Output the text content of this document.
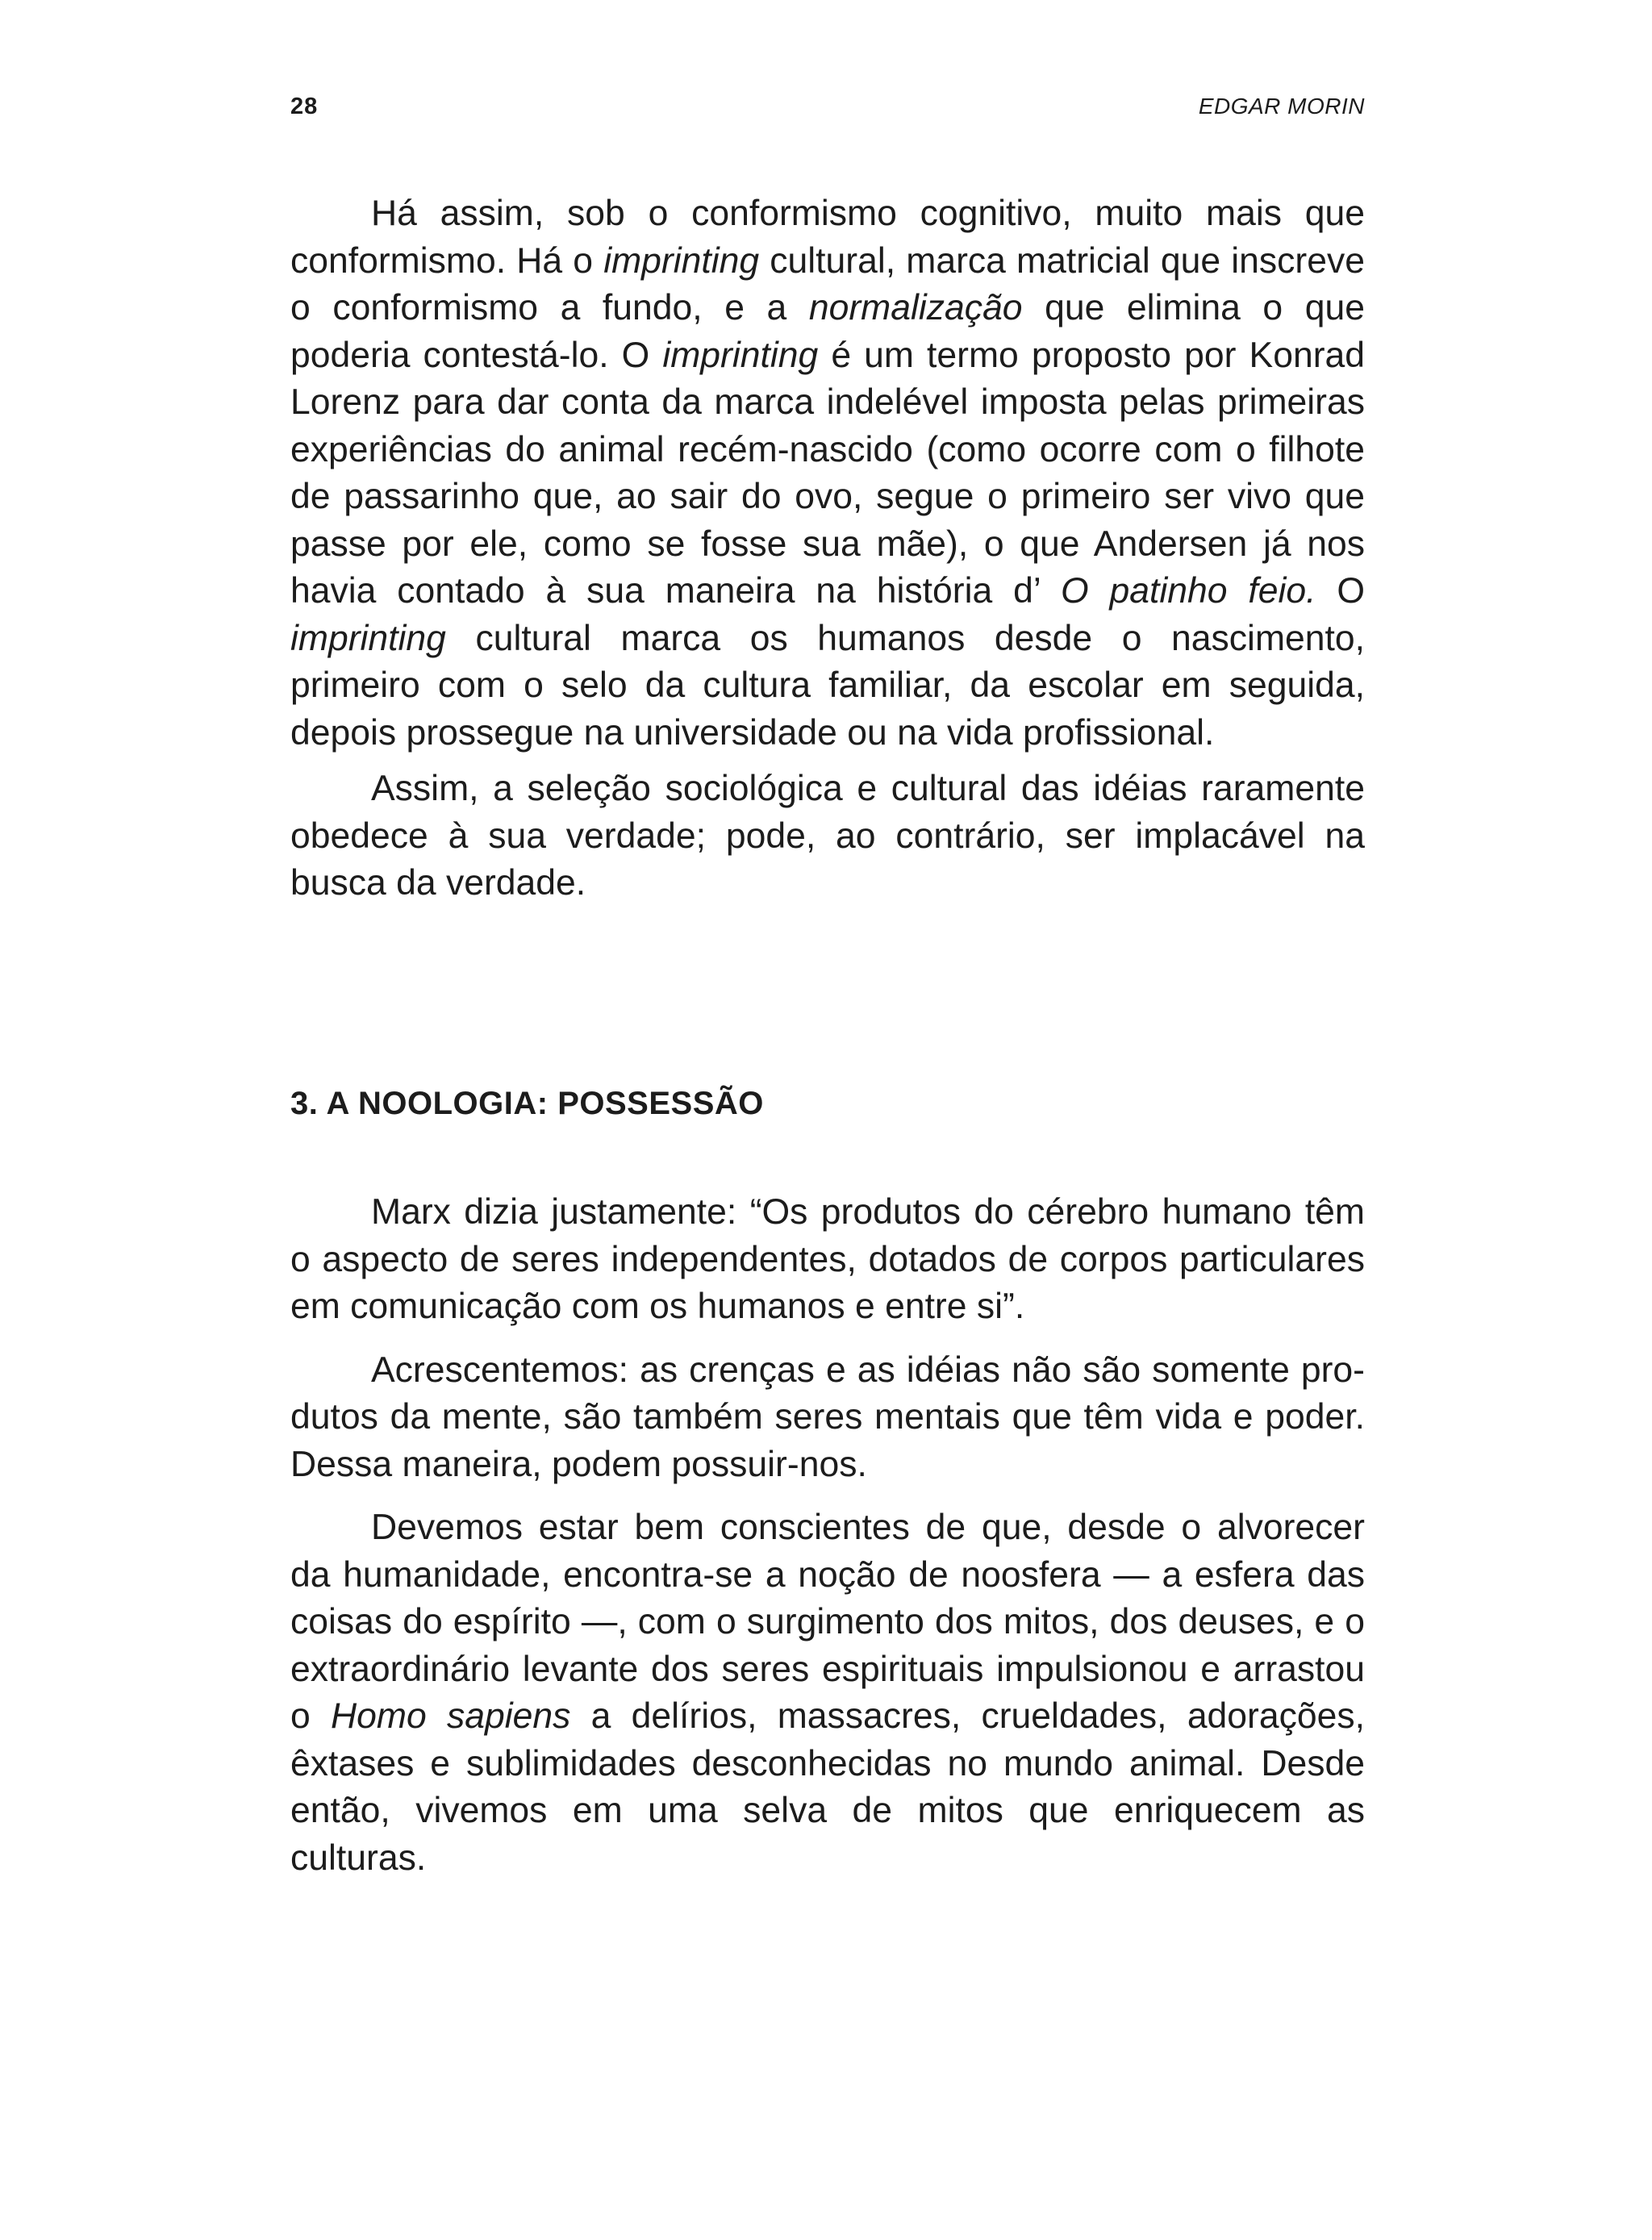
28	EDGAR MORIN

Há assim, sob o conformismo cognitivo, muito mais que conformismo. Há o imprinting cultural, marca matricial que inscreve o conformismo a fundo, e a normalização que elimina o que poderia contestá-lo. O imprinting é um termo proposto por Konrad Lorenz para dar conta da marca indelével imposta pelas primeiras experiências do animal recém-nascido (como ocorre com o filhote de passarinho que, ao sair do ovo, segue o primeiro ser vivo que passe por ele, como se fosse sua mãe), o que Andersen já nos havia contado à sua maneira na história d’ O patinho feio. O imprinting cultural marca os humanos desde o nascimento, primeiro com o selo da cultura familiar, da escolar em seguida, depois prossegue na universidade ou na vida profissional.

Assim, a seleção sociológica e cultural das idéias raramente obedece à sua verdade; pode, ao contrário, ser implacável na busca da verdade.

3. A NOOLOGIA: POSSESSÃO

Marx dizia justamente: “Os produtos do cérebro humano têm o aspecto de seres independentes, dotados de corpos particulares em comunicação com os humanos e entre si”.

Acrescentemos: as crenças e as idéias não são somente produtos da mente, são também seres mentais que têm vida e poder. Dessa maneira, podem possuir-nos.

Devemos estar bem conscientes de que, desde o alvorecer da humanidade, encontra-se a noção de noosfera — a esfera das coisas do espírito —, com o surgimento dos mitos, dos deuses, e o extraordinário levante dos seres espirituais impulsionou e arrastou o Homo sapiens a delírios, massacres, crueldades, adorações, êxtases e sublimidades desconhecidas no mundo animal. Desde então, vivemos em uma selva de mitos que enriquecem as culturas.
